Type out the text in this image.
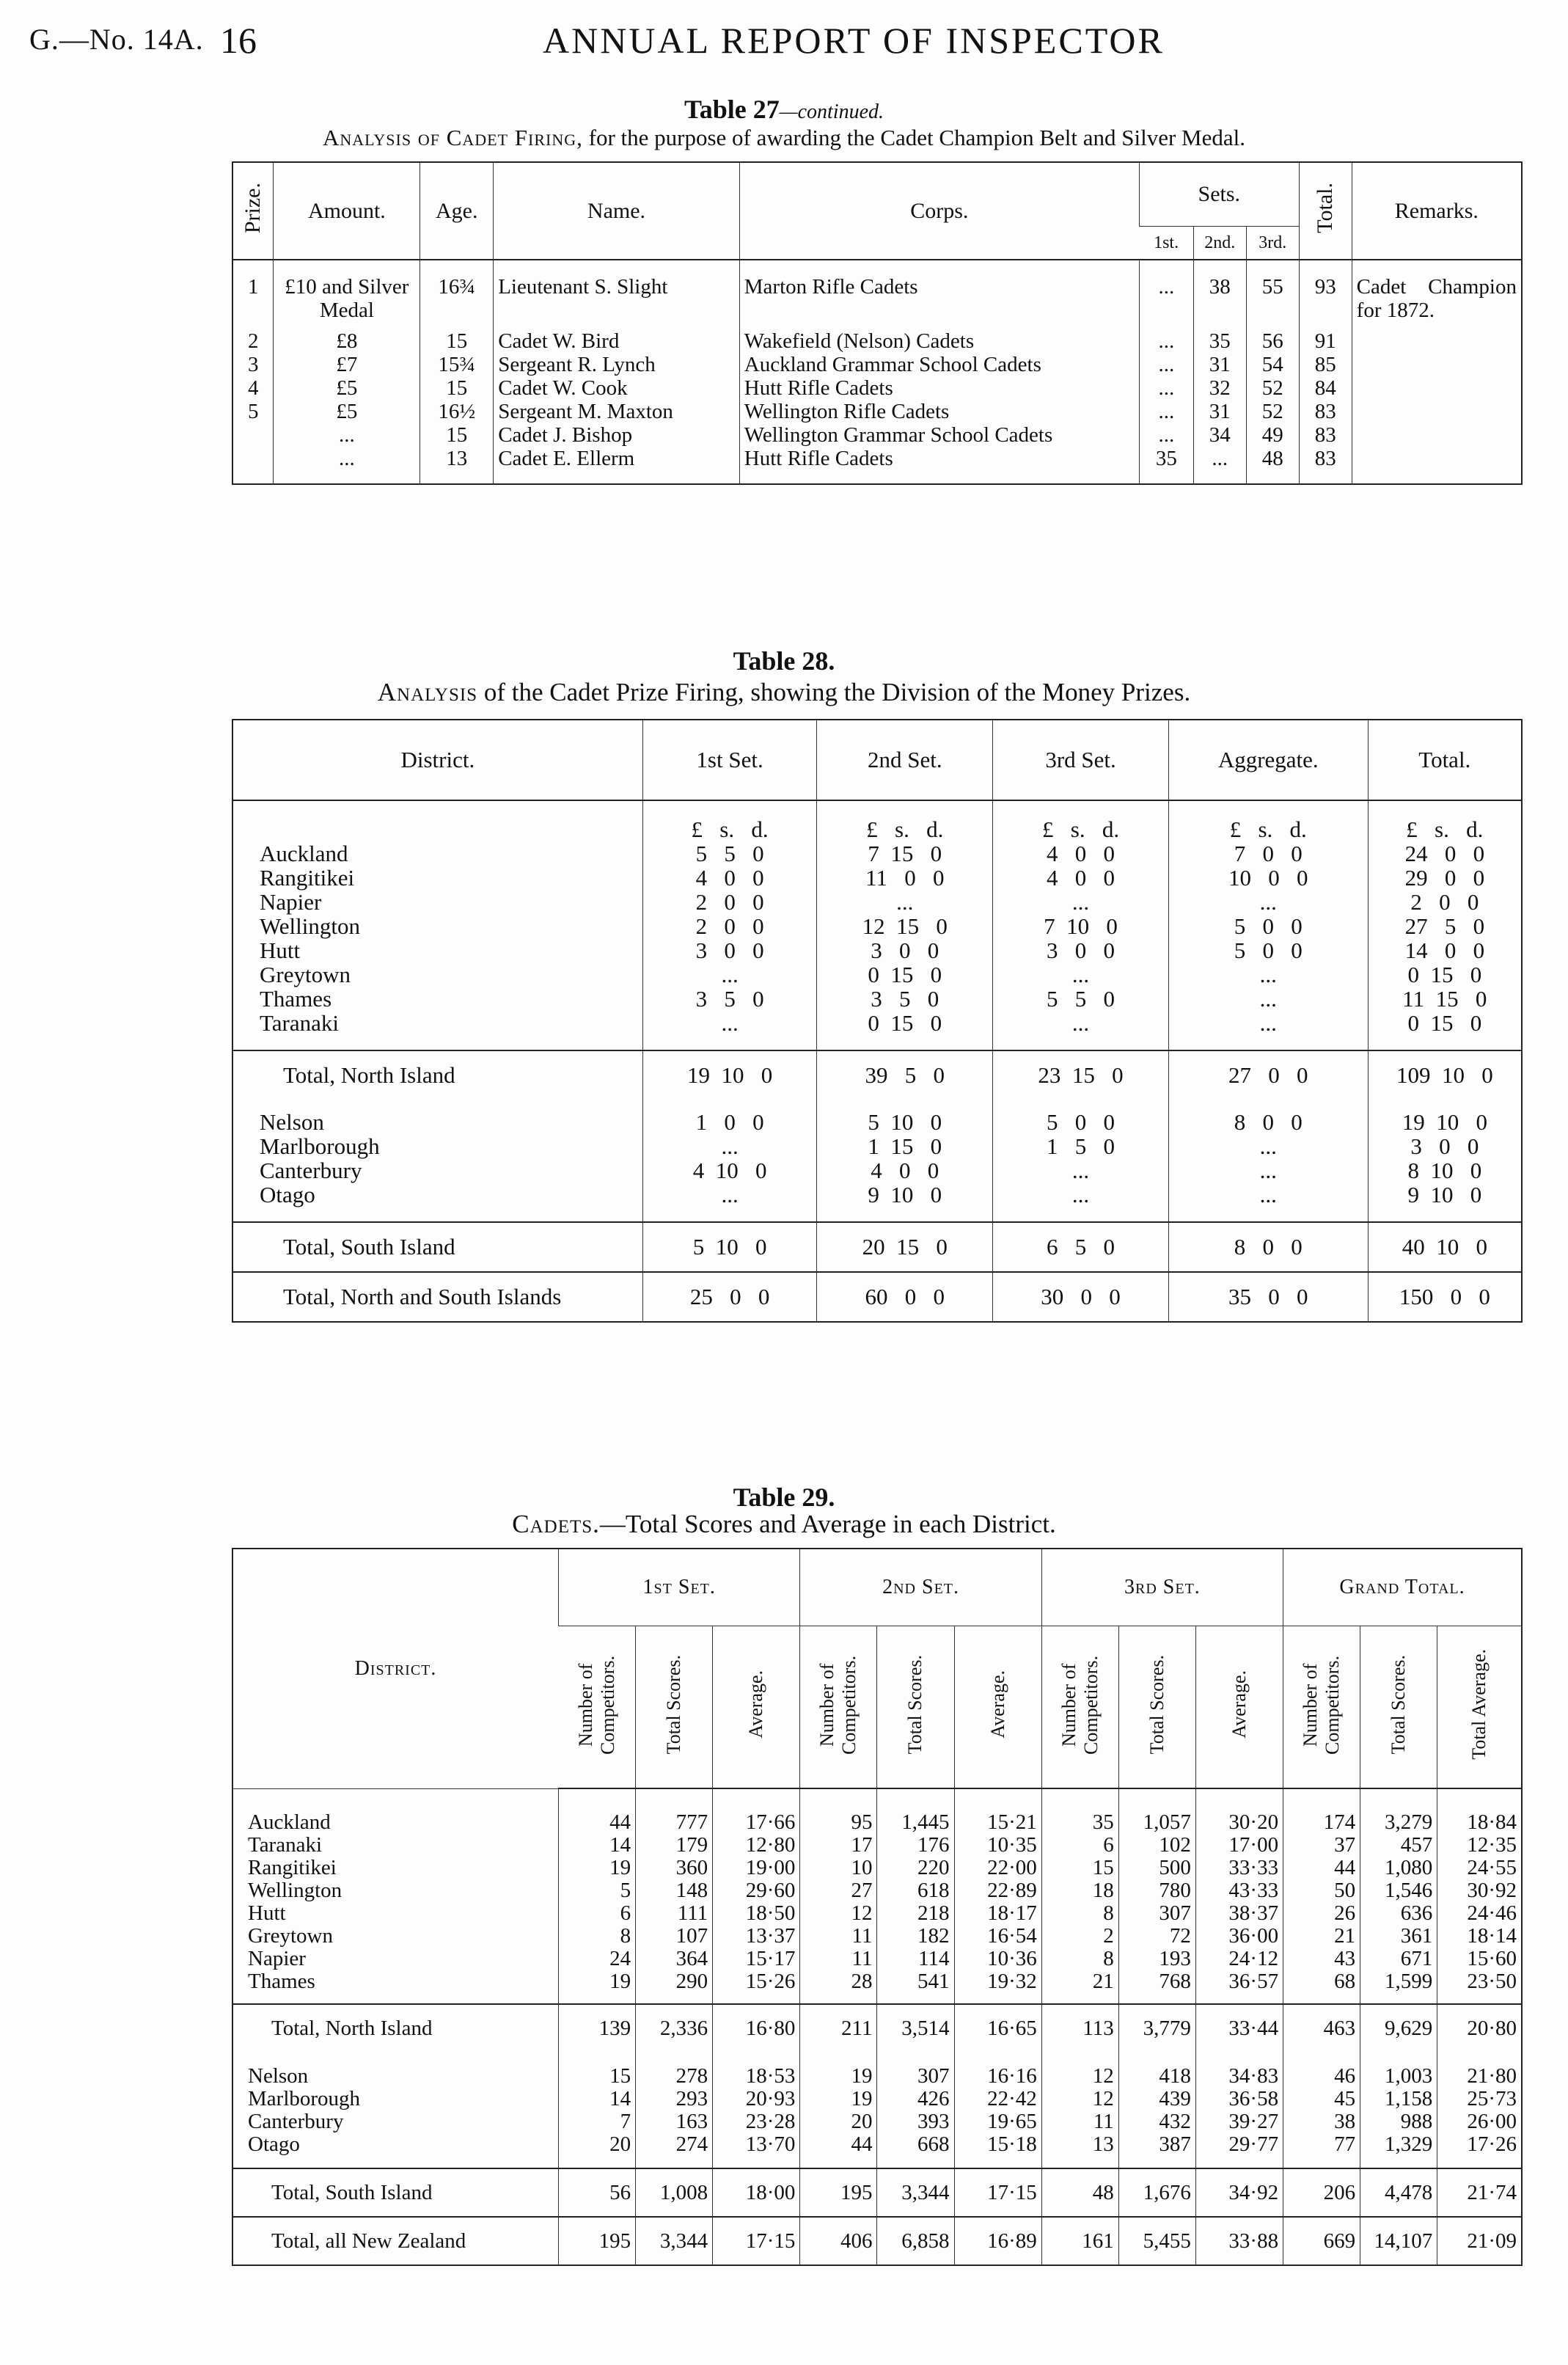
G.—No. 14A. 16	ANNUAL REPORT OF INSPECTOR
Table 27—continued.
Analysis of Cadet Firing, for the purpose of awarding the Cadet Champion Belt and Silver Medal.
Prize.	Amount.	Age.	Name.	Corps.	Sets.			Total.	Remarks.
					1st.	2nd.	3rd.		
1	£10 and Silver Medal	16¾	Lieutenant S. Slight	Marton Rifle Cadets	...	38	55	93	Cadet Champion for 1872.
2	£8	15	Cadet W. Bird	Wakefield (Nelson) Cadets	...	35	56	91	
3	£7	15¾	Sergeant R. Lynch	Auckland Grammar School Cadets	...	31	54	85	
4	£5	15	Cadet W. Cook	Hutt Rifle Cadets	...	32	52	84	
5	£5	16½	Sergeant M. Maxton	Wellington Rifle Cadets	...	31	52	83	
	...	15	Cadet J. Bishop	Wellington Grammar School Cadets	...	34	49	83	
	...	13	Cadet E. Ellerm	Hutt Rifle Cadets	35	...	48	83	
Table 28.
Analysis of the Cadet Prize Firing, showing the Division of the Money Prizes.
District.	1st Set.	2nd Set.	3rd Set.	Aggregate.	Total.
	£   s.   d.	£   s.   d.	£   s.   d.	£   s.   d.	£   s.   d.
Auckland	5   5   0	7  15   0	4   0   0	7   0   0	24   0   0
Rangitikei	4   0   0	11   0   0	4   0   0	10   0   0	29   0   0
Napier	2   0   0	...	...	...	2   0   0
Wellington	2   0   0	12  15   0	7  10   0	5   0   0	27   5   0
Hutt	3   0   0	3   0   0	3   0   0	5   0   0	14   0   0
Greytown	...	0  15   0	...	...	0  15   0
Thames	3   5   0	3   5   0	5   5   0	...	11  15   0
Taranaki	...	0  15   0	...	...	0  15   0
Total, North Island	19  10   0	39   5   0	23  15   0	27   0   0	109  10   0
Nelson	1   0   0	5  10   0	5   0   0	8   0   0	19  10   0
Marlborough	...	1  15   0	1   5   0	...	3   0   0
Canterbury	4  10   0	4   0   0	...	...	8  10   0
Otago	...	9  10   0	...	...	9  10   0
Total, South Island	5  10   0	20  15   0	6   5   0	8   0   0	40  10   0
Total, North and South Islands	25   0   0	60   0   0	30   0   0	35   0   0	150   0   0
Table 29.
Cadets.—Total Scores and Average in each District.
District.	1st Set.			2nd Set.			3rd Set.			Grand Total.		
	Number of Competitors.	Total Scores.	Average.	Number of Competitors.	Total Scores.	Average.	Number of Competitors.	Total Scores.	Average.	Number of Competitors.	Total Scores.	Total Average.
Auckland	44	777	17·66	95	1,445	15·21	35	1,057	30·20	174	3,279	18·84
Taranaki	14	179	12·80	17	176	10·35	6	102	17·00	37	457	12·35
Rangitikei	19	360	19·00	10	220	22·00	15	500	33·33	44	1,080	24·55
Wellington	5	148	29·60	27	618	22·89	18	780	43·33	50	1,546	30·92
Hutt	6	111	18·50	12	218	18·17	8	307	38·37	26	636	24·46
Greytown	8	107	13·37	11	182	16·54	2	72	36·00	21	361	18·14
Napier	24	364	15·17	11	114	10·36	8	193	24·12	43	671	15·60
Thames	19	290	15·26	28	541	19·32	21	768	36·57	68	1,599	23·50
Total, North Island	139	2,336	16·80	211	3,514	16·65	113	3,779	33·44	463	9,629	20·80
Nelson	15	278	18·53	19	307	16·16	12	418	34·83	46	1,003	21·80
Marlborough	14	293	20·93	19	426	22·42	12	439	36·58	45	1,158	25·73
Canterbury	7	163	23·28	20	393	19·65	11	432	39·27	38	988	26·00
Otago	20	274	13·70	44	668	15·18	13	387	29·77	77	1,329	17·26
Total, South Island	56	1,008	18·00	195	3,344	17·15	48	1,676	34·92	206	4,478	21·74
Total, all New Zealand	195	3,344	17·15	406	6,858	16·89	161	5,455	33·88	669	14,107	21·09
